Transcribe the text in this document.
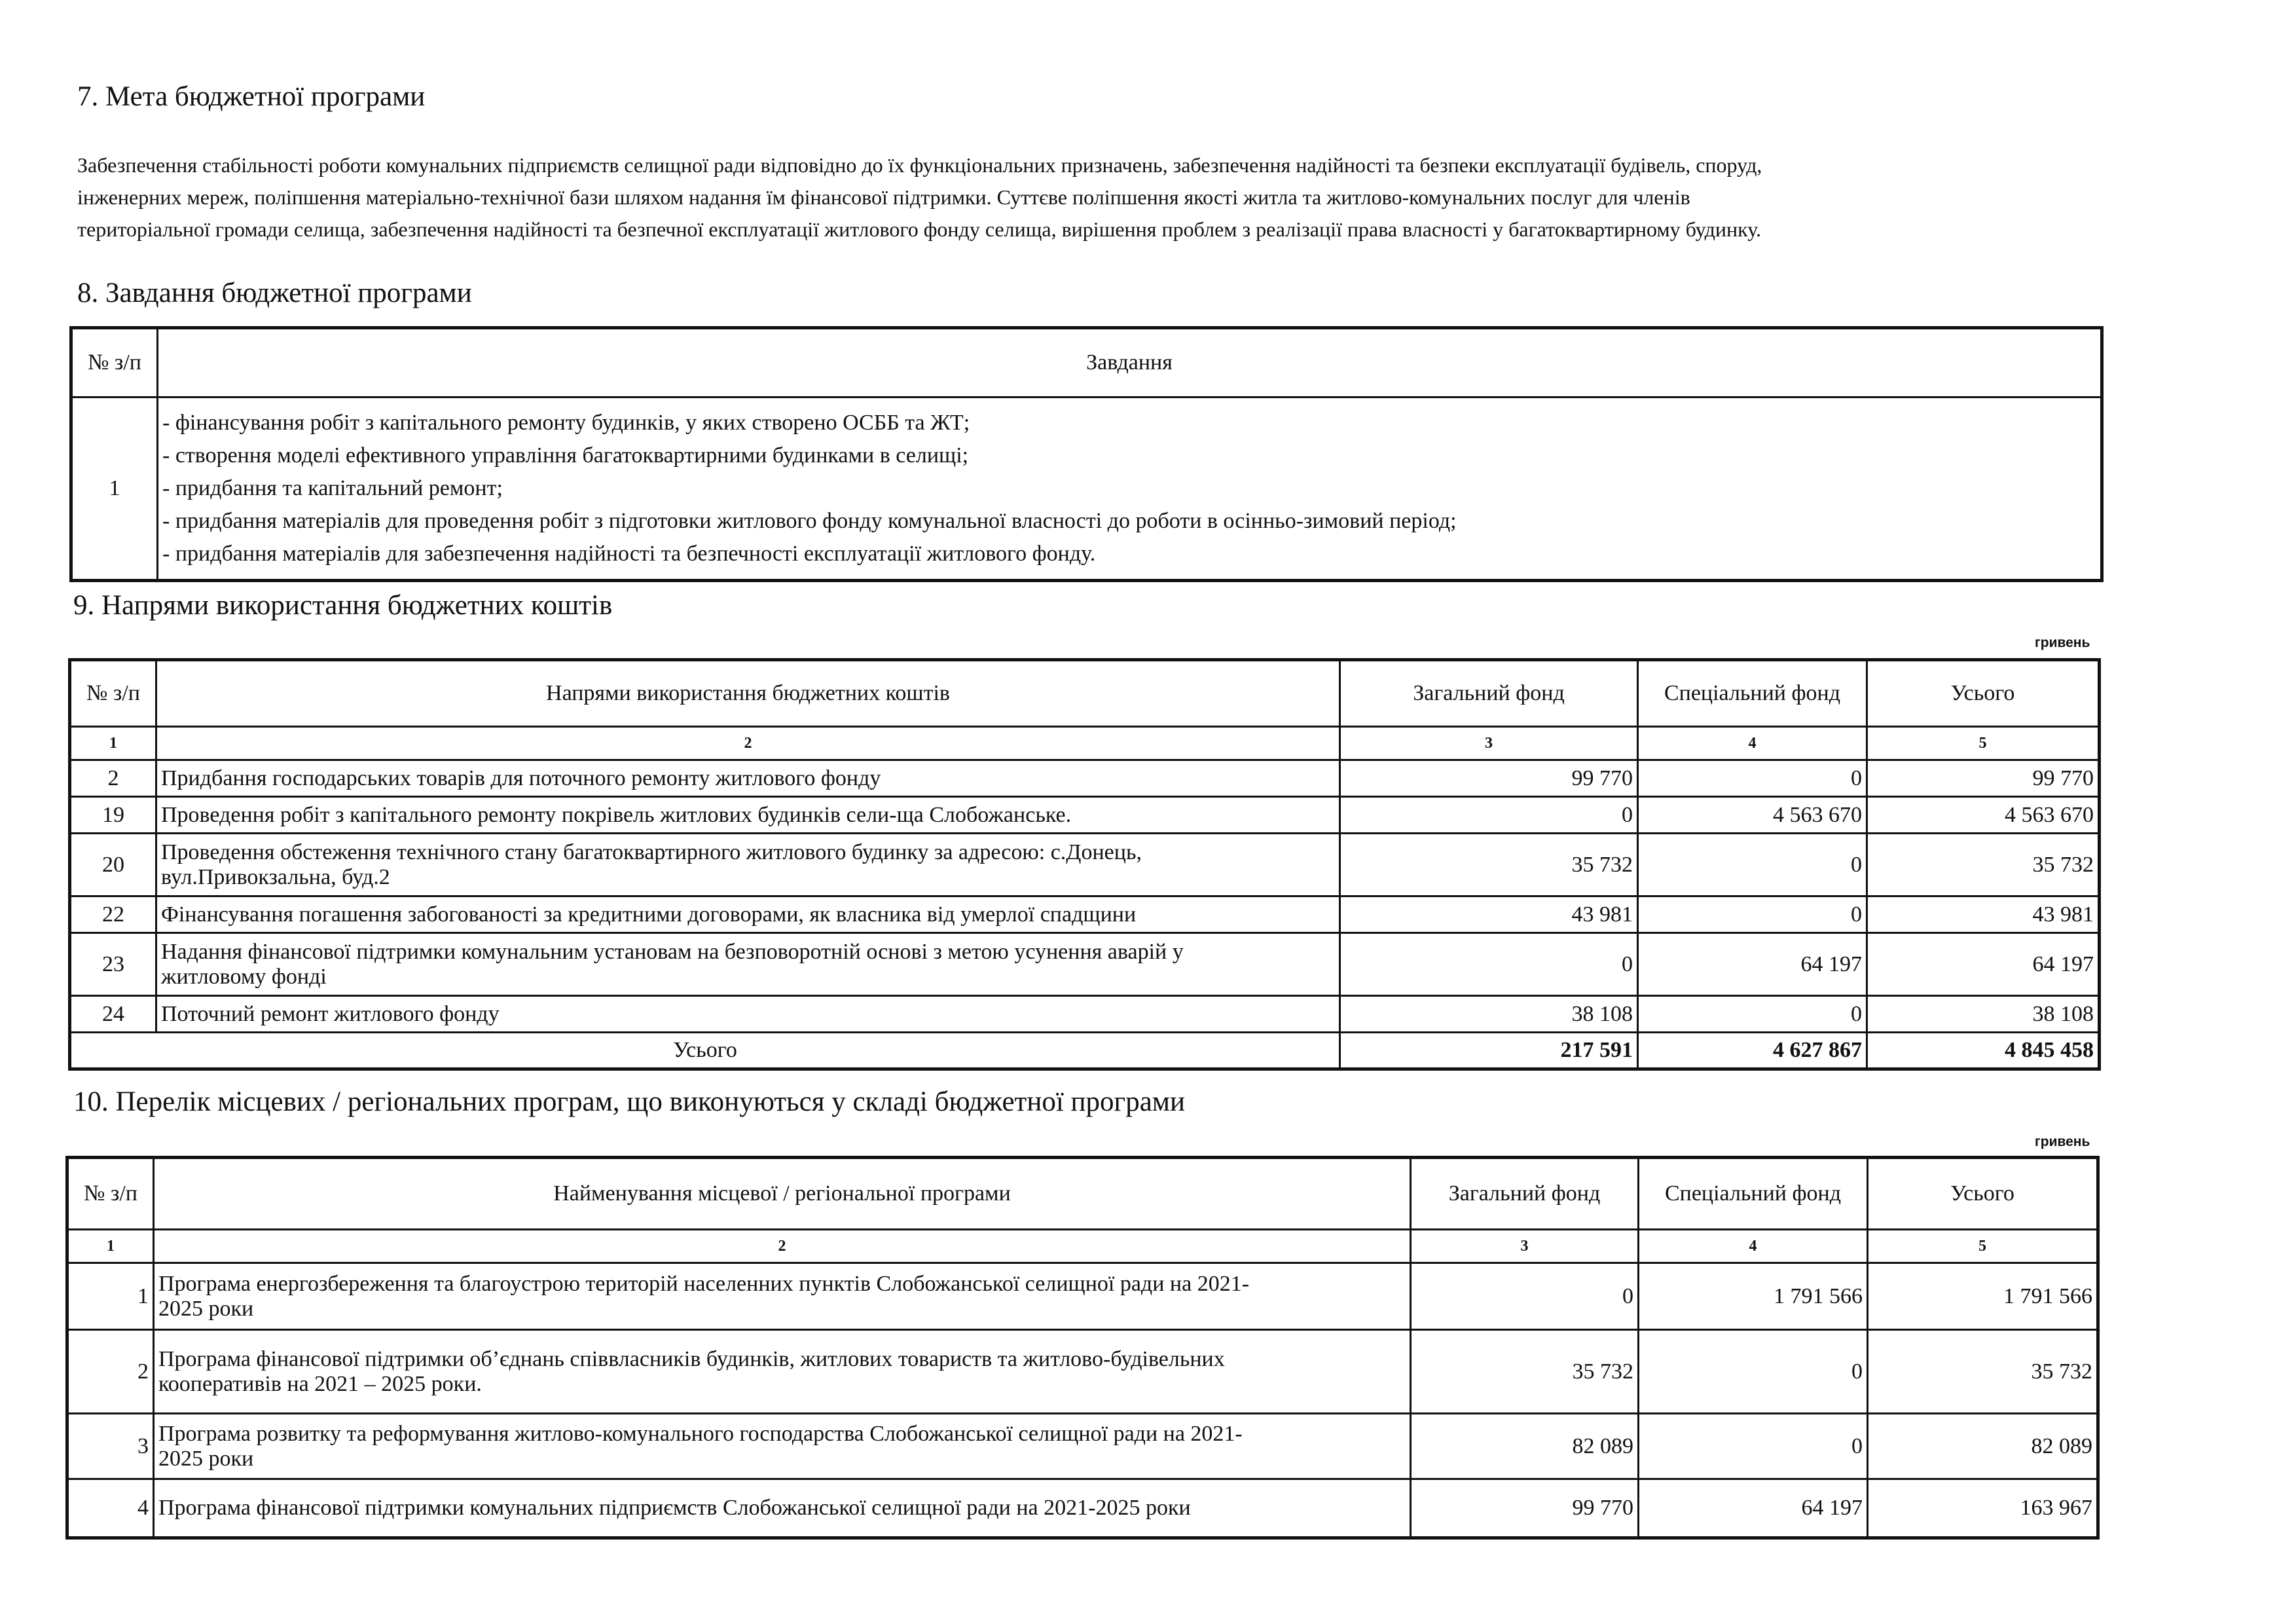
7. Мета бюджетної програми
Забезпечення стабільності роботи комунальних підприємств селищної ради відповідно до їх функціональних призначень, забезпечення надійності та безпеки експлуатації будівель, споруд,
інженерних мереж, поліпшення матеріально-технічної бази шляхом надання їм фінансової підтримки. Суттєве поліпшення якості житла та житлово-комунальних послуг для членів
територіальної громади селища, забезпечення надійності та безпечної експлуатації житлового фонду селища, вирішення проблем з реалізації права власності у багатоквартирному будинку.
8. Завдання бюджетної програми
№ з/п	Завдання
1	- фінансування робіт з капітального ремонту будинків, у яких створено ОСББ та ЖТ;
- створення моделі ефективного управління багатоквартирними будинками в селищі;
- придбання та капітальний ремонт;
- придбання матеріалів для проведення робіт з підготовки житлового фонду комунальної власності до роботи в осінньо-зимовий період;
- придбання матеріалів для забезпечення надійності та безпечності експлуатації житлового фонду.
9. Напрями використання бюджетних коштів
гривень
№ з/п	Напрями використання бюджетних коштів	Загальний фонд	Спеціальний фонд	Усього
1	2	3	4	5
2	Придбання господарських товарів для поточного ремонту житлового фонду	99 770	0	99 770
19	Проведення робіт з капітального ремонту покрівель житлових будинків сели-ща Слобожанське.	0	4 563 670	4 563 670
20	Проведення обстеження технічного стану багатоквартирного житлового будинку за адресою: с.Донець,
вул.Привокзальна, буд.2	35 732	0	35 732
22	Фінансування погашення забогованості за кредитними договорами, як власника від умерлої спадщини	43 981	0	43 981
23	Надання фінансової підтримки комунальним установам на безповоротній основі з метою усунення аварій у
житловому фонді	0	64 197	64 197
24	Поточний ремонт житлового фонду	38 108	0	38 108
Усього		217 591	4 627 867	4 845 458
10. Перелік місцевих / регіональних програм, що виконуються у складі бюджетної програми
гривень
№ з/п	Найменування місцевої / регіональної програми	Загальний фонд	Спеціальний фонд	Усього
1	2	3	4	5
1	Програма енергозбереження та благоустрою територій населенних пунктів Слобожанської селищної ради на 2021-
2025 роки	0	1 791 566	1 791 566
2	Програма фінансової підтримки об’єднань співвласників будинків, житлових товариств та житлово-будівельних
кооперативів на 2021 – 2025 роки.	35 732	0	35 732
3	Програма розвитку та реформування житлово-комунального господарства Слобожанської селищної ради на 2021-
2025 роки	82 089	0	82 089
4	Програма фінансової підтримки комунальних підприємств Слобожанської селищної ради на 2021-2025 роки	99 770	64 197	163 967
